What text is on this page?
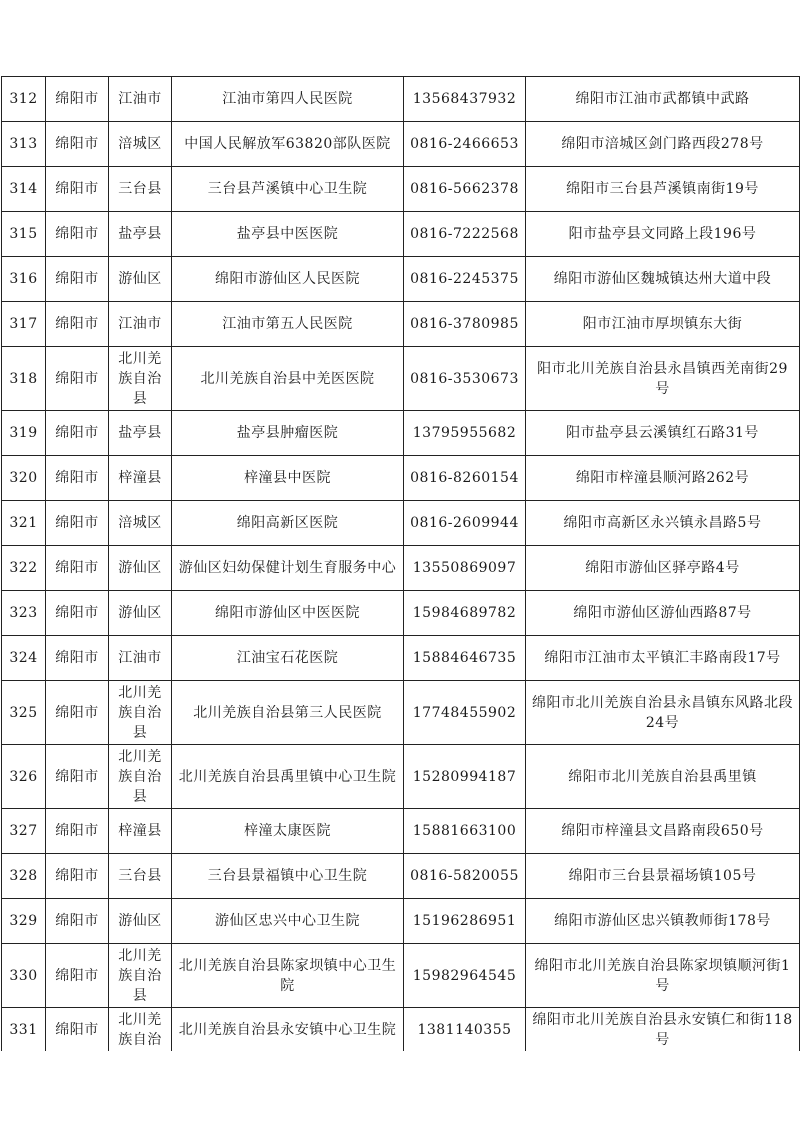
312	绵阳市	江油市	江油市第四人民医院	13568437932	绵阳市江油市武都镇中武路
313	绵阳市	涪城区	中国人民解放军63820部队医院	0816-2466653	绵阳市涪城区剑门路西段278号
314	绵阳市	三台县	三台县芦溪镇中心卫生院	0816-5662378	绵阳市三台县芦溪镇南街19号
315	绵阳市	盐亭县	盐亭县中医医院	0816-7222568	阳市盐亭县文同路上段196号
316	绵阳市	游仙区	绵阳市游仙区人民医院	0816-2245375	绵阳市游仙区魏城镇达州大道中段
317	绵阳市	江油市	江油市第五人民医院	0816-3780985	阳市江油市厚坝镇东大街
318	绵阳市	北川羌族自治县	北川羌族自治县中羌医医院	0816-3530673	阳市北川羌族自治县永昌镇西羌南街29号
319	绵阳市	盐亭县	盐亭县肿瘤医院	13795955682	阳市盐亭县云溪镇红石路31号
320	绵阳市	梓潼县	梓潼县中医院	0816-8260154	绵阳市梓潼县顺河路262号
321	绵阳市	涪城区	绵阳高新区医院	0816-2609944	绵阳市高新区永兴镇永昌路5号
322	绵阳市	游仙区	游仙区妇幼保健计划生育服务中心	13550869097	绵阳市游仙区驿亭路4号
323	绵阳市	游仙区	绵阳市游仙区中医医院	15984689782	绵阳市游仙区游仙西路87号
324	绵阳市	江油市	江油宝石花医院	15884646735	绵阳市江油市太平镇汇丰路南段17号
325	绵阳市	北川羌族自治县	北川羌族自治县第三人民医院	17748455902	绵阳市北川羌族自治县永昌镇东风路北段24号
326	绵阳市	北川羌族自治县	北川羌族自治县禹里镇中心卫生院	15280994187	绵阳市北川羌族自治县禹里镇
327	绵阳市	梓潼县	梓潼太康医院	15881663100	绵阳市梓潼县文昌路南段650号
328	绵阳市	三台县	三台县景福镇中心卫生院	0816-5820055	绵阳市三台县景福场镇105号
329	绵阳市	游仙区	游仙区忠兴中心卫生院	15196286951	绵阳市游仙区忠兴镇教师街178号
330	绵阳市	北川羌族自治县	北川羌族自治县陈家坝镇中心卫生院	15982964545	绵阳市北川羌族自治县陈家坝镇顺河街1号
331	绵阳市	北川羌族自治	北川羌族自治县永安镇中心卫生院	1381140355	绵阳市北川羌族自治县永安镇仁和街118号
